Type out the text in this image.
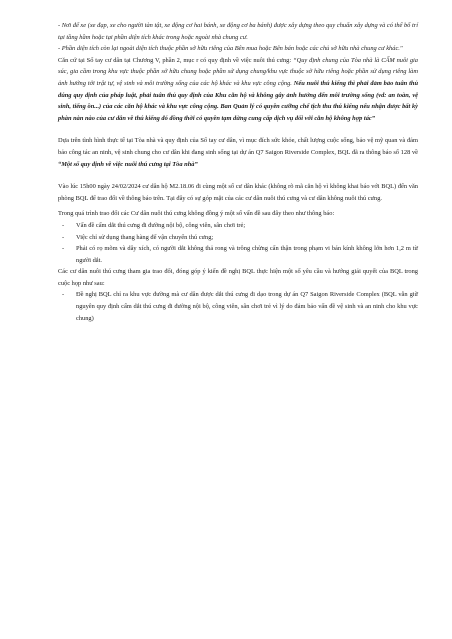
- Nơi để xe (xe đạp, xe cho người tàn tật, xe động cơ hai bánh, xe động cơ ba bánh) được xây dựng theo quy chuẩn xây dựng và có thể bố trí tại tầng hầm hoặc tại phần diện tích khác trong hoặc ngoài nhà chung cư.

- Phần diện tích còn lại ngoài diện tích thuộc phần sở hữu riêng của Bên mua hoặc Bên bán hoặc các chủ sở hữu nhà chung cư khác."

Căn cứ tại Sổ tay cư dân tại Chương V, phần 2, mục r có quy định về việc nuôi thú cưng: “Quy định chung của Tòa nhà là CẤM nuôi gia súc, gia cầm trong khu vực thuộc phần sở hữu chung hoặc phần sử dụng chung/khu vực thuộc sở hữu riêng hoặc phần sử dụng riêng làm ảnh hưởng tới trật tự, vệ sinh và môi trường sống của các hộ khác và khu vực công cộng. Nếu nuôi thú kiểng thì phải đảm bảo tuân thủ đúng quy định của pháp luật, phải tuân thủ quy định của Khu căn hộ và không gây ảnh hưởng đến môi trường sống (vd: an toàn, vệ sinh, tiếng ồn...) của các căn hộ khác và khu vực công cộng. Ban Quản lý có quyền cưỡng chế tịch thu thú kiểng nếu nhận được bất kỳ phàn nàn nào của cư dân về thú kiểng đó đồng thời có quyền tạm dừng cung cấp dịch vụ đối với căn hộ không hợp tác”

Dựa trên tình hình thực tế tại Tòa nhà và quy định của Sổ tay cư dân, vì mục đích sức khỏe, chất lượng cuộc sống, bảo vệ mỹ quan và đảm bảo công tác an ninh, vệ sinh chung cho cư dân khi đang sinh sống tại dự án Q7 Saigon Riverside Complex, BQL đã ra thông báo số 128 về “Một số quy định về việc nuôi thú cưng tại Tòa nhà”

Vào lúc 15h00 ngày 24/02/2024 cư dân hộ M2.18.06 đi cùng một số cư dân khác (không rõ mã căn hộ vì không khai báo với BQL) đến văn phòng BQL để trao đổi về thông báo trên. Tại đây có sự góp mặt của các cư dân nuôi thú cưng và cư dân không nuôi thú cưng.

Trong quá trình trao đổi các Cư dân nuôi thú cưng không đồng ý một số vấn đề sau đây theo như thông báo:

- Vấn đề cấm dắt thú cưng đi đường nội bộ, công viên, sân chơi trẻ;

- Việc chỉ sử dụng thang hàng để vận chuyển thú cưng;

- Phải có rọ mõm và dây xích, có người dắt không thả rong và trông chừng cẩn thận trong phạm vi bán kính không lớn hơn 1,2 m từ người dắt.

Các cư dân nuôi thú cưng tham gia trao đổi, đóng góp ý kiến đề nghị BQL thực hiện một số yêu cầu và hướng giải quyết của BQL trong cuộc họp như sau:

- Đề nghị BQL chỉ ra khu vực đường mà cư dân được dắt thú cưng đi dạo trong dự án Q7 Saigon Riverside Complex (BQL vẫn giữ nguyên quy định cấm dắt thú cưng đi đường nội bộ, công viên, sân chơi trẻ vì lý do đảm bảo vấn đề vệ sinh và an ninh cho khu vực chung)
